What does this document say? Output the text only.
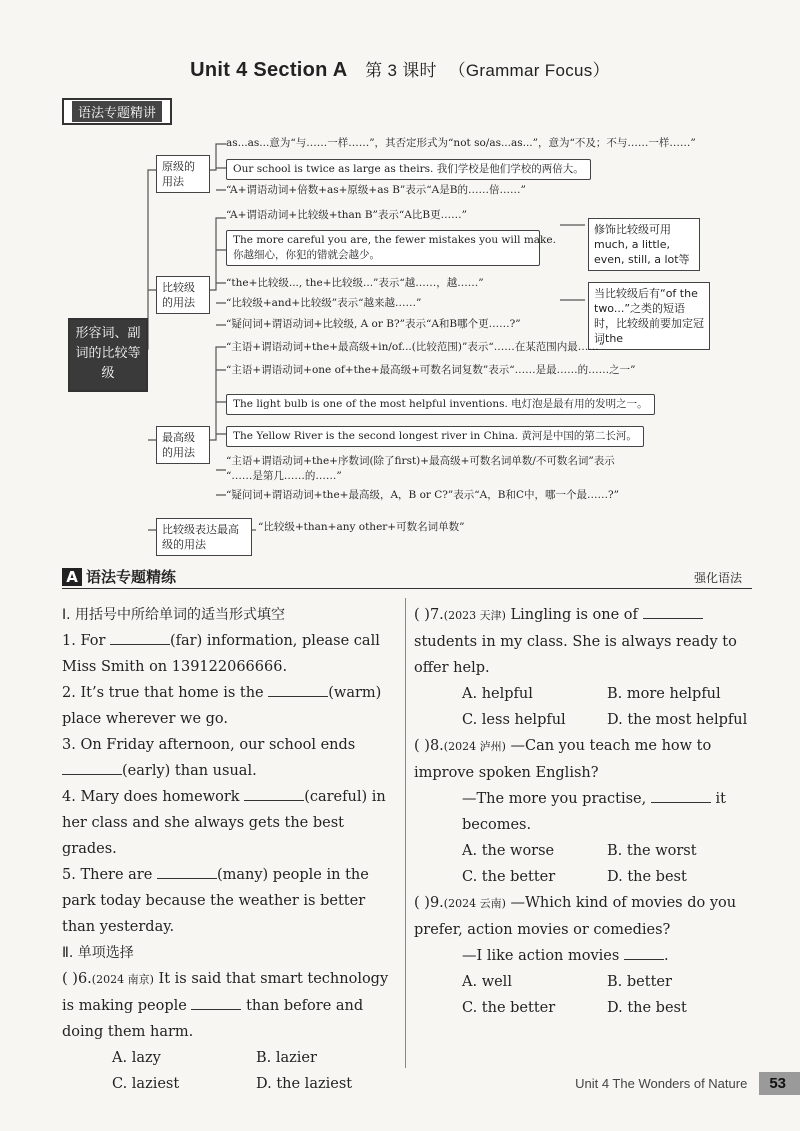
Unit 4 Section A 第 3 课时 （Grammar Focus）
语法专题精讲
形容词、副词的比较等级
原级的用法
as...as...意为“与……一样……”，其否定形式为“not so/as...as...”，意为“不及；不与……一样……”
Our school is twice as large as theirs. 我们学校是他们学校的两倍大。
“A+谓语动词+倍数+as+原级+as B”表示“A是B的……倍……”
比较级的用法
“A+谓语动词+比较级+than B”表示“A比B更……”
The more careful you are, the fewer mistakes you will make.
你越细心，你犯的错就会越少。
“the+比较级..., the+比较级...”表示“越……，越……”
“比较级+and+比较级”表示“越来越……”
“疑问词+谓语动词+比较级, A or B?”表示“A和B哪个更……?”
修饰比较级可用much, a little, even, still, a lot等
当比较级后有“of the two...”之类的短语时，比较级前要加定冠词the
最高级的用法
“主语+谓语动词+the+最高级+in/of...(比较范围)”表示“……在某范围内最……”
“主语+谓语动词+one of+the+最高级+可数名词复数”表示“……是最……的……之一”
The light bulb is one of the most helpful inventions. 电灯泡是最有用的发明之一。
The Yellow River is the second longest river in China. 黄河是中国的第二长河。
“主语+谓语动词+the+序数词(除了first)+最高级+可数名词单数/不可数名词”表示
“……是第几……的……”
“疑问词+谓语动词+the+最高级，A，B or C?”表示“A，B和C中，哪一个最……?”
比较级表达最高级的用法
“比较级+than+any other+可数名词单数”
A 语法专题精练	强化语法
Ⅰ. 用括号中所给单词的适当形式填空
1. For	(far) information, please call Miss Smith on 139122066666.
2. It’s true that home is the	(warm) place wherever we go.
3. On Friday afternoon, our school ends (early) than usual.
4. Mary does homework	(careful) in her class and she always gets the best grades.
5. There are	(many) people in the park today because the weather is better than yesterday.
Ⅱ. 单项选择
( )6.(2024 南京) It is said that smart technology is making people	than before and doing them harm.
A. lazy	B. lazier
C. laziest	D. the laziest
( )7.(2023 天津) Lingling is one of  students in my class. She is always ready to offer help.
A. helpful	B. more helpful
C. less helpful	D. the most helpful
( )8.(2024 泸州) —Can you teach me how to improve spoken English?
—The more you practise,	it becomes.
A. the worse	B. the worst
C. the better	D. the best
( )9.(2024 云南) —Which kind of movies do you prefer, action movies or comedies?
—I like action movies	.
A. well	B. better
C. the better	D. the best
Unit 4 The Wonders of Nature 53
